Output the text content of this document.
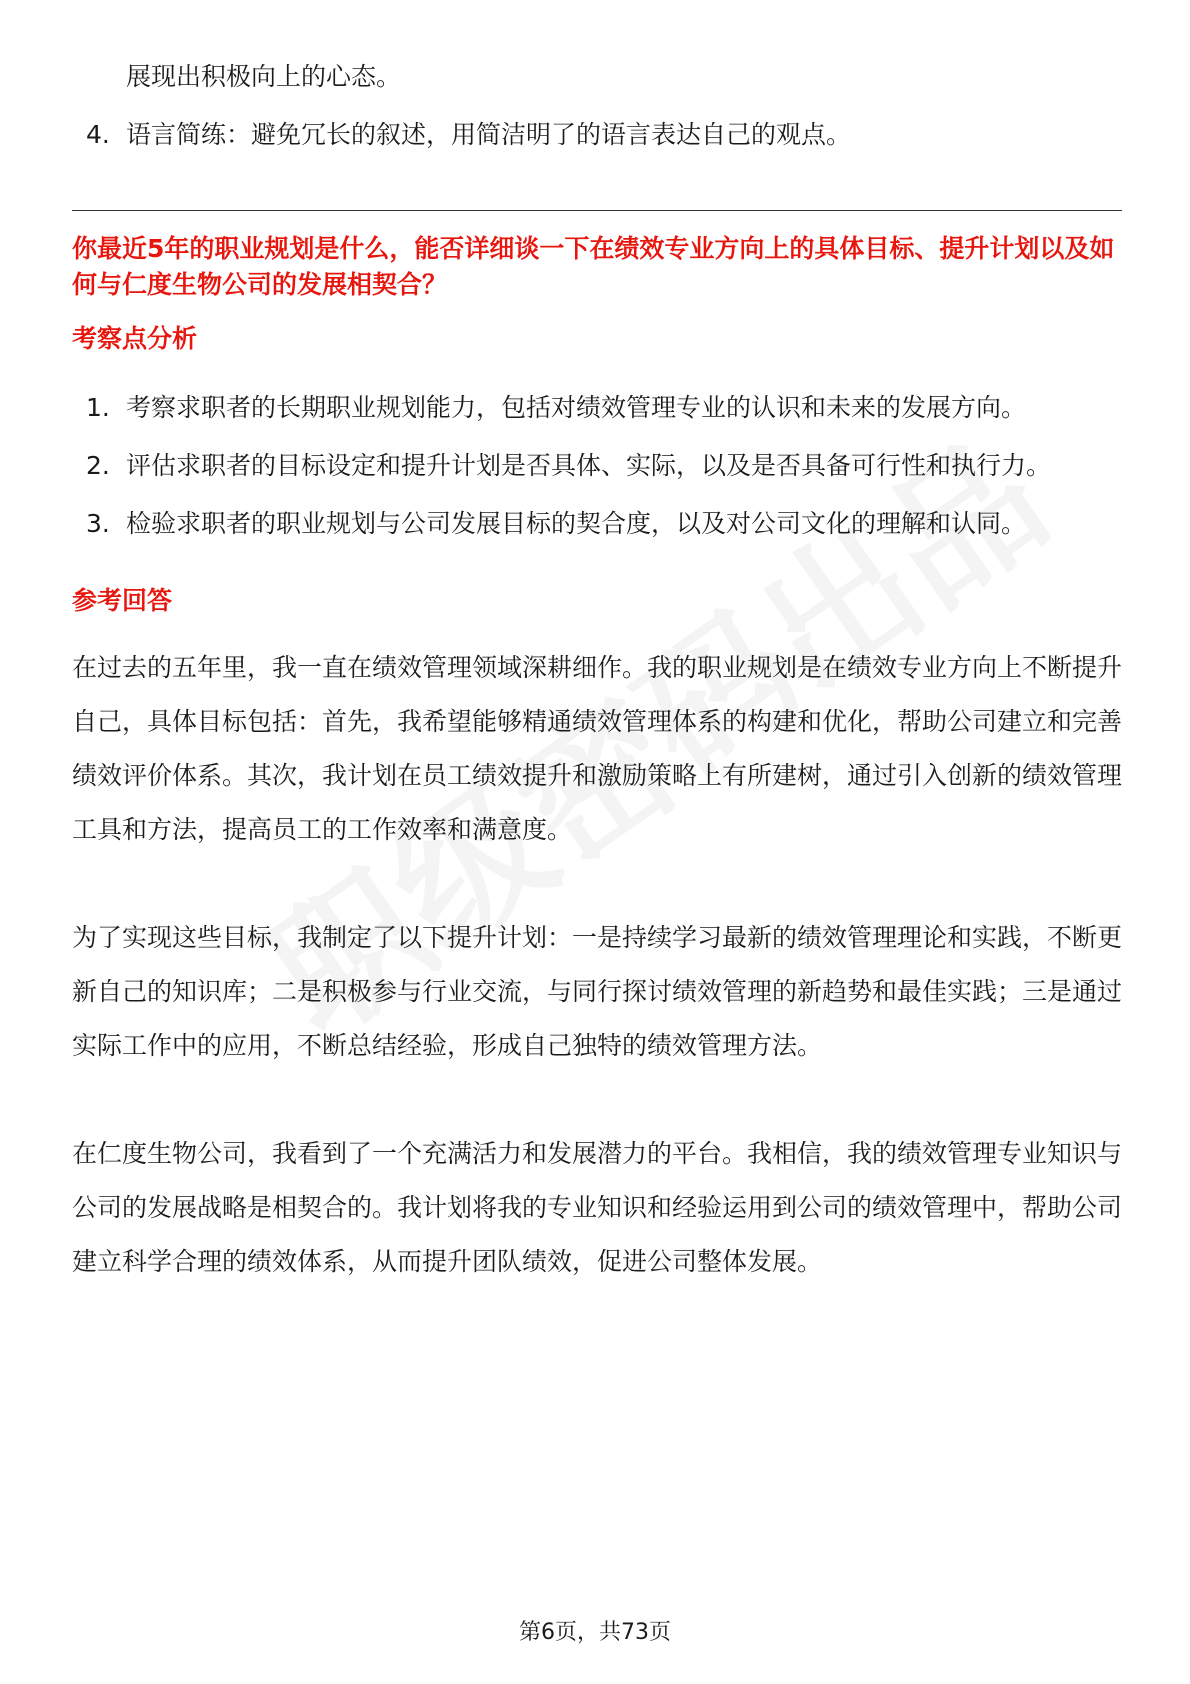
展现出积极向上的心态。

4. 语言简练：避免冗长的叙述，用简洁明了的语言表达自己的观点。

你最近5年的职业规划是什么，能否详细谈一下在绩效专业方向上的具体目标、提升计划以及如何与仁度生物公司的发展相契合？

考察点分析

1. 考察求职者的长期职业规划能力，包括对绩效管理专业的认识和未来的发展方向。
2. 评估求职者的目标设定和提升计划是否具体、实际，以及是否具备可行性和执行力。
3. 检验求职者的职业规划与公司发展目标的契合度，以及对公司文化的理解和认同。

参考回答

在过去的五年里，我一直在绩效管理领域深耕细作。我的职业规划是在绩效专业方向上不断提升自己，具体目标包括：首先，我希望能够精通绩效管理体系的构建和优化，帮助公司建立和完善绩效评价体系。其次，我计划在员工绩效提升和激励策略上有所建树，通过引入创新的绩效管理工具和方法，提高员工的工作效率和满意度。

为了实现这些目标，我制定了以下提升计划：一是持续学习最新的绩效管理理论和实践，不断更新自己的知识库；二是积极参与行业交流，与同行探讨绩效管理的新趋势和最佳实践；三是通过实际工作中的应用，不断总结经验，形成自己独特的绩效管理方法。

在仁度生物公司，我看到了一个充满活力和发展潜力的平台。我相信，我的绩效管理专业知识与公司的发展战略是相契合的。我计划将我的专业知识和经验运用到公司的绩效管理中，帮助公司建立科学合理的绩效体系，从而提升团队绩效，促进公司整体发展。

第6页，共73页
